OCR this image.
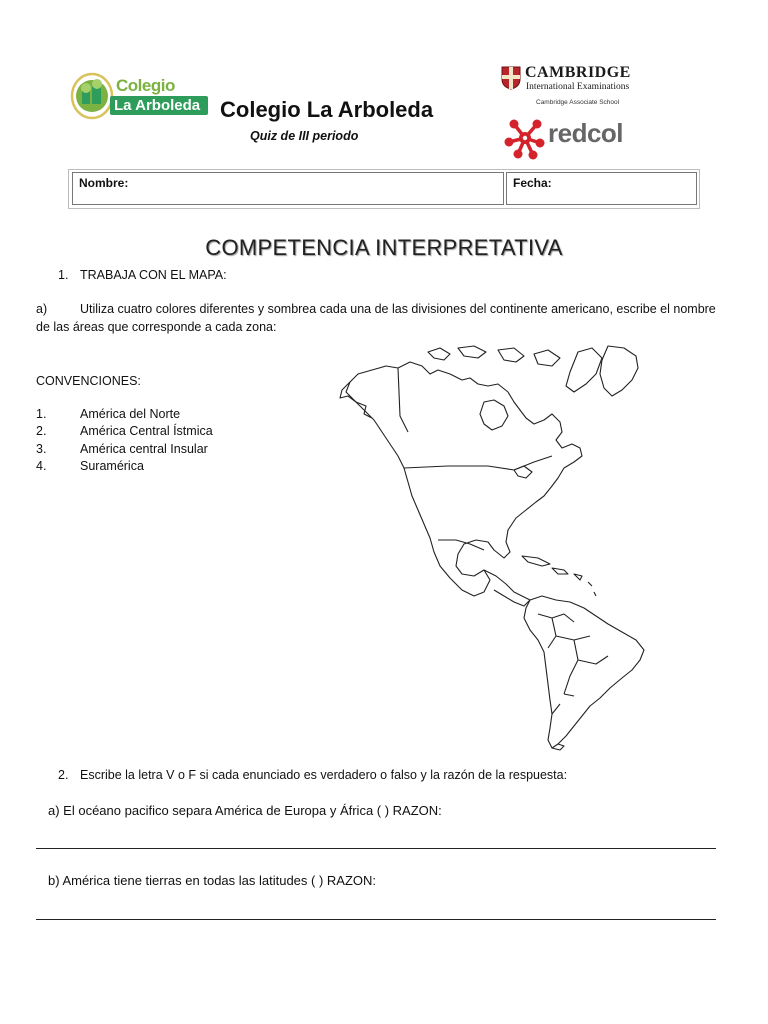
Colegio
La Arboleda Colegio La Arboleda
Quiz de III periodo
CAMBRIDGE
International Examinations
Cambridge Associate School
redcol
Nombre:	Fecha:
COMPETENCIA INTERPRETATIVA
1. TRABAJA CON EL MAPA:
a)	Utiliza cuatro colores diferentes y sombrea cada una de las divisiones del continente americano, escribe el nombre
de las áreas que corresponde a cada zona:
CONVENCIONES:
1.	América del Norte
2.	América Central Ístmica
3.	América central Insular
4.	Suramérica
2. Escribe la letra V o F si cada enunciado es verdadero o falso y la razón de la respuesta:
a) El océano pacifico separa América de Europa y África ( ) RAZON:
b) América tiene tierras en todas las latitudes ( ) RAZON:
